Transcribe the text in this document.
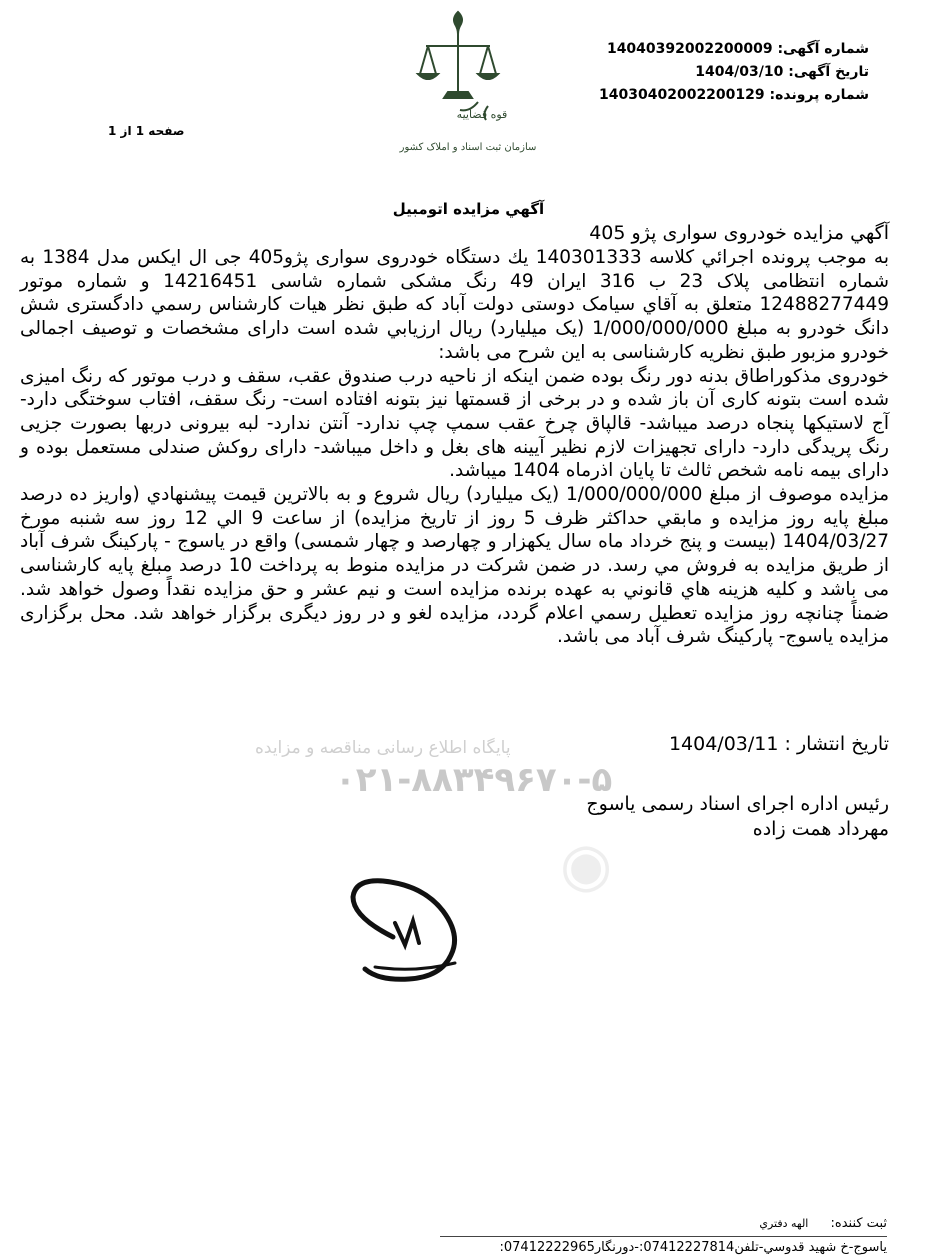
شماره آگهی: 14040392002200009
تاریخ آگهی: 1404/03/10
شماره پرونده: 14030402002200129
صفحه 1 از 1
قوه قضاییه
سازمان ثبت اسناد و املاک کشور
◉
پایگاه اطلاع رسانی مناقصه و مزایده
۰۲۱-۸۸۳۴۹۶۷۰-۵
آگهي مزايده اتومبيل
آگهي مزايده خودروی سواری پژو 405

به موجب پرونده اجرائي كلاسه 140301333 يك دستگاه خودروی سواری پژو405 جی ال ایکس مدل 1384 به شماره انتظامی پلاک 23 ب 316 ایران 49 رنگ مشکی شماره شاسی 14216451 و شماره موتور 12488277449 متعلق به آقاي سیامک دوستی دولت آباد که طبق نظر هيات كارشناس رسمي دادگستری شش دانگ خودرو به مبلغ 1/000/000/000 (یک میلیارد) ريال ارزيابي شده است دارای مشخصات و توصيف اجمالی خودرو مزبور طبق نظريه كارشناسی به اين شرح می باشد:

خودروی مذکوراطاق بدنه دور رنگ بوده ضمن اینکه از ناحیه درب صندوق عقب، سقف و درب موتور که رنگ امیزی شده است بتونه کاری آن باز شده و در برخی از قسمتها نیز بتونه افتاده است- رنگ سقف، افتاب سوختگی دارد- آج لاستیکها پنجاه درصد میباشد- قالپاق چرخ عقب سمپ چپ ندارد- آنتن ندارد- لبه بیرونی دربها بصورت جزیی رنگ پریدگی دارد- دارای تجهیزات لازم نظیر آیینه های بغل و داخل میباشد- دارای روکش صندلی مستعمل بوده و دارای بیمه نامه شخص ثالث تا پایان اذرماه 1404 میباشد.

مزايده موصوف از مبلغ 1/000/000/000 (یک میلیارد) ريال شروع و به بالاترين قيمت پيشنهادي (واريز ده درصد مبلغ پايه روز مزايده و مابقي حداكثر ظرف 5 روز از تاريخ مزايده) از ساعت 9 الي 12 روز سه شنبه مورخ 1404/03/27 (بیست و پنج خرداد ماه سال یکهزار و چهارصد و چهار شمسی) واقع در یاسوج - پارکینگ شرف آباد از طريق مزايده به فروش مي رسد. در ضمن شرکت در مزایده منوط به پرداخت 10 درصد مبلغ پایه کارشناسی می باشد و كليه هزينه هاي قانوني به عهده برنده مزايده است و نيم عشر و حق مزايده نقداً وصول خواهد شد. ضمناً چنانچه روز مزايده تعطيل رسمي اعلام گردد، مزايده لغو و در روز دیگری برگزار خواهد شد. محل برگزاری مزایده یاسوج- پارکینگ شرف آباد می باشد.

تاريخ انتشار : 1404/03/11
رئيس اداره اجرای اسناد رسمی یاسوج
مهرداد همت زاده
ثبت کننده: الهه دفتري
یاسوج-خ شهید قدوسي-تلفن07412227814:-دورنگار07412222965:
